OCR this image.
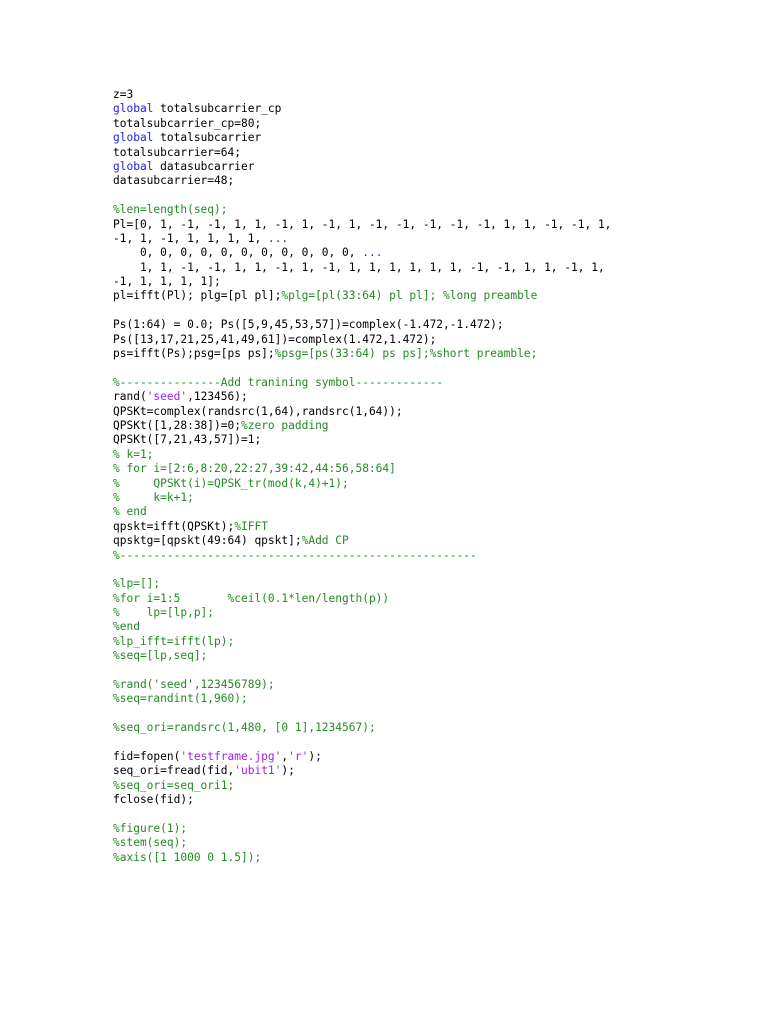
z=3
global totalsubcarrier_cp
totalsubcarrier_cp=80;
global totalsubcarrier
totalsubcarrier=64;
global datasubcarrier
datasubcarrier=48;

%len=length(seq);
Pl=[0, 1, -1, -1, 1, 1, -1, 1, -1, 1, -1, -1, -1, -1, -1, 1, 1, -1, -1, 1,
-1, 1, -1, 1, 1, 1, 1, ...
0, 0, 0, 0, 0, 0, 0, 0, 0, 0, 0, ...
1, 1, -1, -1, 1, 1, -1, 1, -1, 1, 1, 1, 1, 1, 1, -1, -1, 1, 1, -1, 1,
-1, 1, 1, 1, 1];
pl=ifft(Pl); plg=[pl pl];%plg=[pl(33:64) pl pl]; %long preamble

Ps(1:64) = 0.0; Ps([5,9,45,53,57])=complex(-1.472,-1.472);
Ps([13,17,21,25,41,49,61])=complex(1.472,1.472);
ps=ifft(Ps);psg=[ps ps];%psg=[ps(33:64) ps ps];%short preamble;

%---------------Add tranining symbol-------------
rand('seed',123456);
QPSKt=complex(randsrc(1,64),randsrc(1,64));
QPSKt([1,28:38])=0;%zero padding
QPSKt([7,21,43,57])=1;
% k=1;
% for i=[2:6,8:20,22:27,39:42,44:56,58:64]
%     QPSKt(i)=QPSK_tr(mod(k,4)+1);
%     k=k+1;
% end
qpskt=ifft(QPSKt);%IFFT
qpsktg=[qpskt(49:64) qpskt];%Add CP
%-----------------------------------------------------

%lp=[];
%for i=1:5       %ceil(0.1*len/length(p))
%    lp=[lp,p];
%end
%lp_ifft=ifft(lp);
%seq=[lp,seq];

%rand('seed',123456789);
%seq=randint(1,960);

%seq_ori=randsrc(1,480, [0 1],1234567);

fid=fopen('testframe.jpg','r');
seq_ori=fread(fid,'ubit1');
%seq_ori=seq_ori1;
fclose(fid);

%figure(1);
%stem(seq);
%axis([1 1000 0 1.5]);
